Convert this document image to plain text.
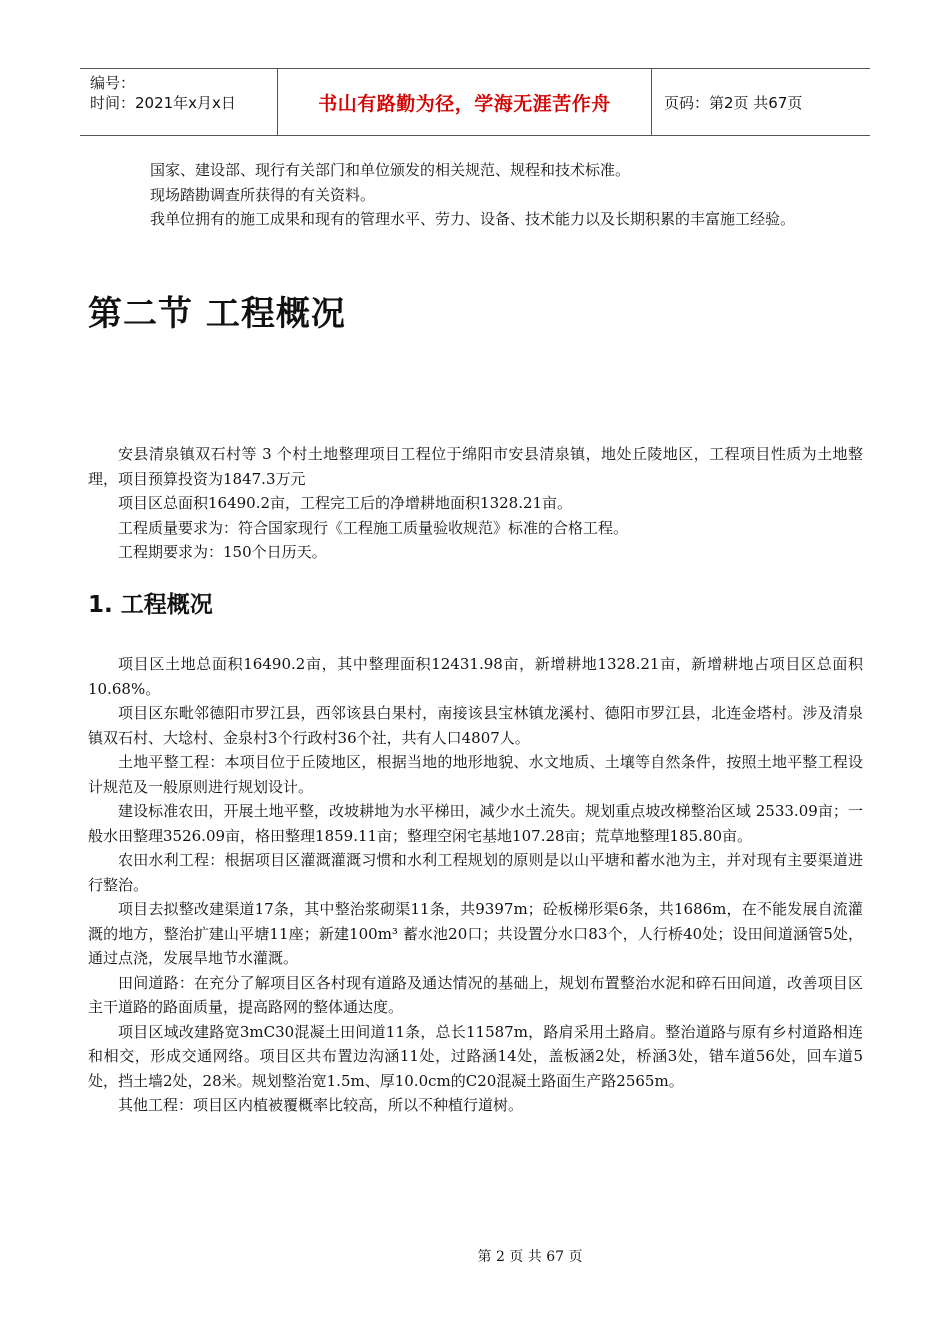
编号：
时间：2021年x月x日	书山有路勤为径，学海无涯苦作舟	页码：第2页 共67页

国家、建设部、现行有关部门和单位颁发的相关规范、规程和技术标准。

现场踏勘调查所获得的有关资料。

我单位拥有的施工成果和现有的管理水平、劳力、设备、技术能力以及长期积累的丰富施工经验。

第二节 工程概况

安县清泉镇双石村等 3 个村土地整理项目工程位于绵阳市安县清泉镇，地处丘陵地区，工程项目性质为土地整理，项目预算投资为1847.3万元

项目区总面积16490.2亩，工程完工后的净增耕地面积1328.21亩。

工程质量要求为：符合国家现行《工程施工质量验收规范》标准的合格工程。

工程期要求为：150个日历天。

1. 工程概况

项目区土地总面积16490.2亩，其中整理面积12431.98亩，新增耕地1328.21亩，新增耕地占项目区总面积10.68%。

项目区东毗邻德阳市罗江县，西邻该县白果村，南接该县宝林镇龙溪村、德阳市罗江县，北连金塔村。涉及清泉镇双石村、大埝村、金泉村3个行政村36个社，共有人口4807人。

土地平整工程：本项目位于丘陵地区，根据当地的地形地貌、水文地质、土壤等自然条件，按照土地平整工程设计规范及一般原则进行规划设计。

建设标准农田，开展土地平整，改坡耕地为水平梯田，减少水土流失。规划重点坡改梯整治区域 2533.09亩；一般水田整理3526.09亩，格田整理1859.11亩；整理空闲宅基地107.28亩；荒草地整理185.80亩。

农田水利工程：根据项目区灌溉灌溉习惯和水利工程规划的原则是以山平塘和蓄水池为主，并对现有主要渠道进行整治。

项目去拟整改建渠道17条，其中整治浆砌渠11条，共9397m；砼板梯形渠6条，共1686m，在不能发展自流灌溉的地方，整治扩建山平塘11座；新建100m³ 蓄水池20口；共设置分水口83个，人行桥40处；设田间道涵管5处，通过点浇，发展旱地节水灌溉。

田间道路：在充分了解项目区各村现有道路及通达情况的基础上，规划布置整治水泥和碎石田间道，改善项目区主干道路的路面质量，提高路网的整体通达度。

项目区域改建路宽3mC30混凝土田间道11条，总长11587m，路肩采用土路肩。整治道路与原有乡村道路相连和相交，形成交通网络。项目区共布置边沟涵11处，过路涵14处，盖板涵2处，桥涵3处，错车道56处，回车道5处，挡土墙2处，28米。规划整治宽1.5m、厚10.0cm的C20混凝土路面生产路2565m。

其他工程：项目区内植被覆概率比较高，所以不种植行道树。

第 2 页 共 67 页
